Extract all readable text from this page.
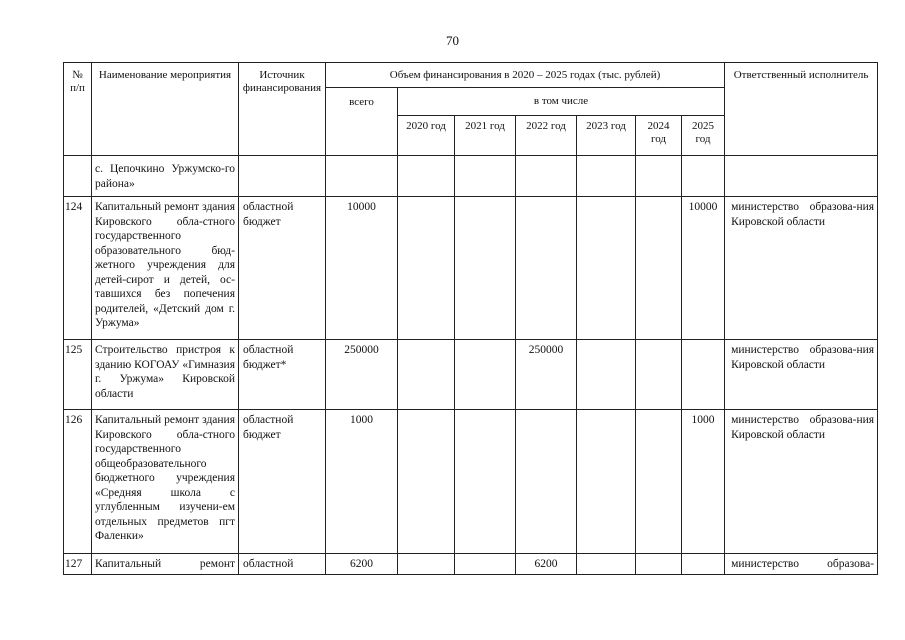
70
№ п/п	Наименование мероприятия	Источник финансирования	Объем финансирования в 2020 – 2025 годах (тыс. рублей)							Ответственный исполнитель
			всего	в том числе						
				2020 год	2021 год	2022 год	2023 год	2024 год	2025 год	
	с. Цепочкино Уржумско-го района»									
124	Капитальный ремонт здания Кировского обла-стного государственного образовательного бюд-жетного учреждения для детей-сирот и детей, ос-тавшихся без попечения родителей, «Детский дом г. Уржума»	областной бюджет	10000						10000	министерство образова-ния Кировской области
125	Строительство пристроя к зданию КОГОАУ «Гимназия г. Уржума» Кировской области	областной бюджет*	250000			250000				министерство образова-ния Кировской области
126	Капитальный ремонт здания Кировского обла-стного государственного общеобразовательного бюджетного учреждения «Средняя школа с углубленным изучени-ем отдельных предметов пгт Фаленки»	областной бюджет	1000						1000	министерство образова-ния Кировской области
127	Капитальный ремонт	областной	6200			6200				министерство образова-
